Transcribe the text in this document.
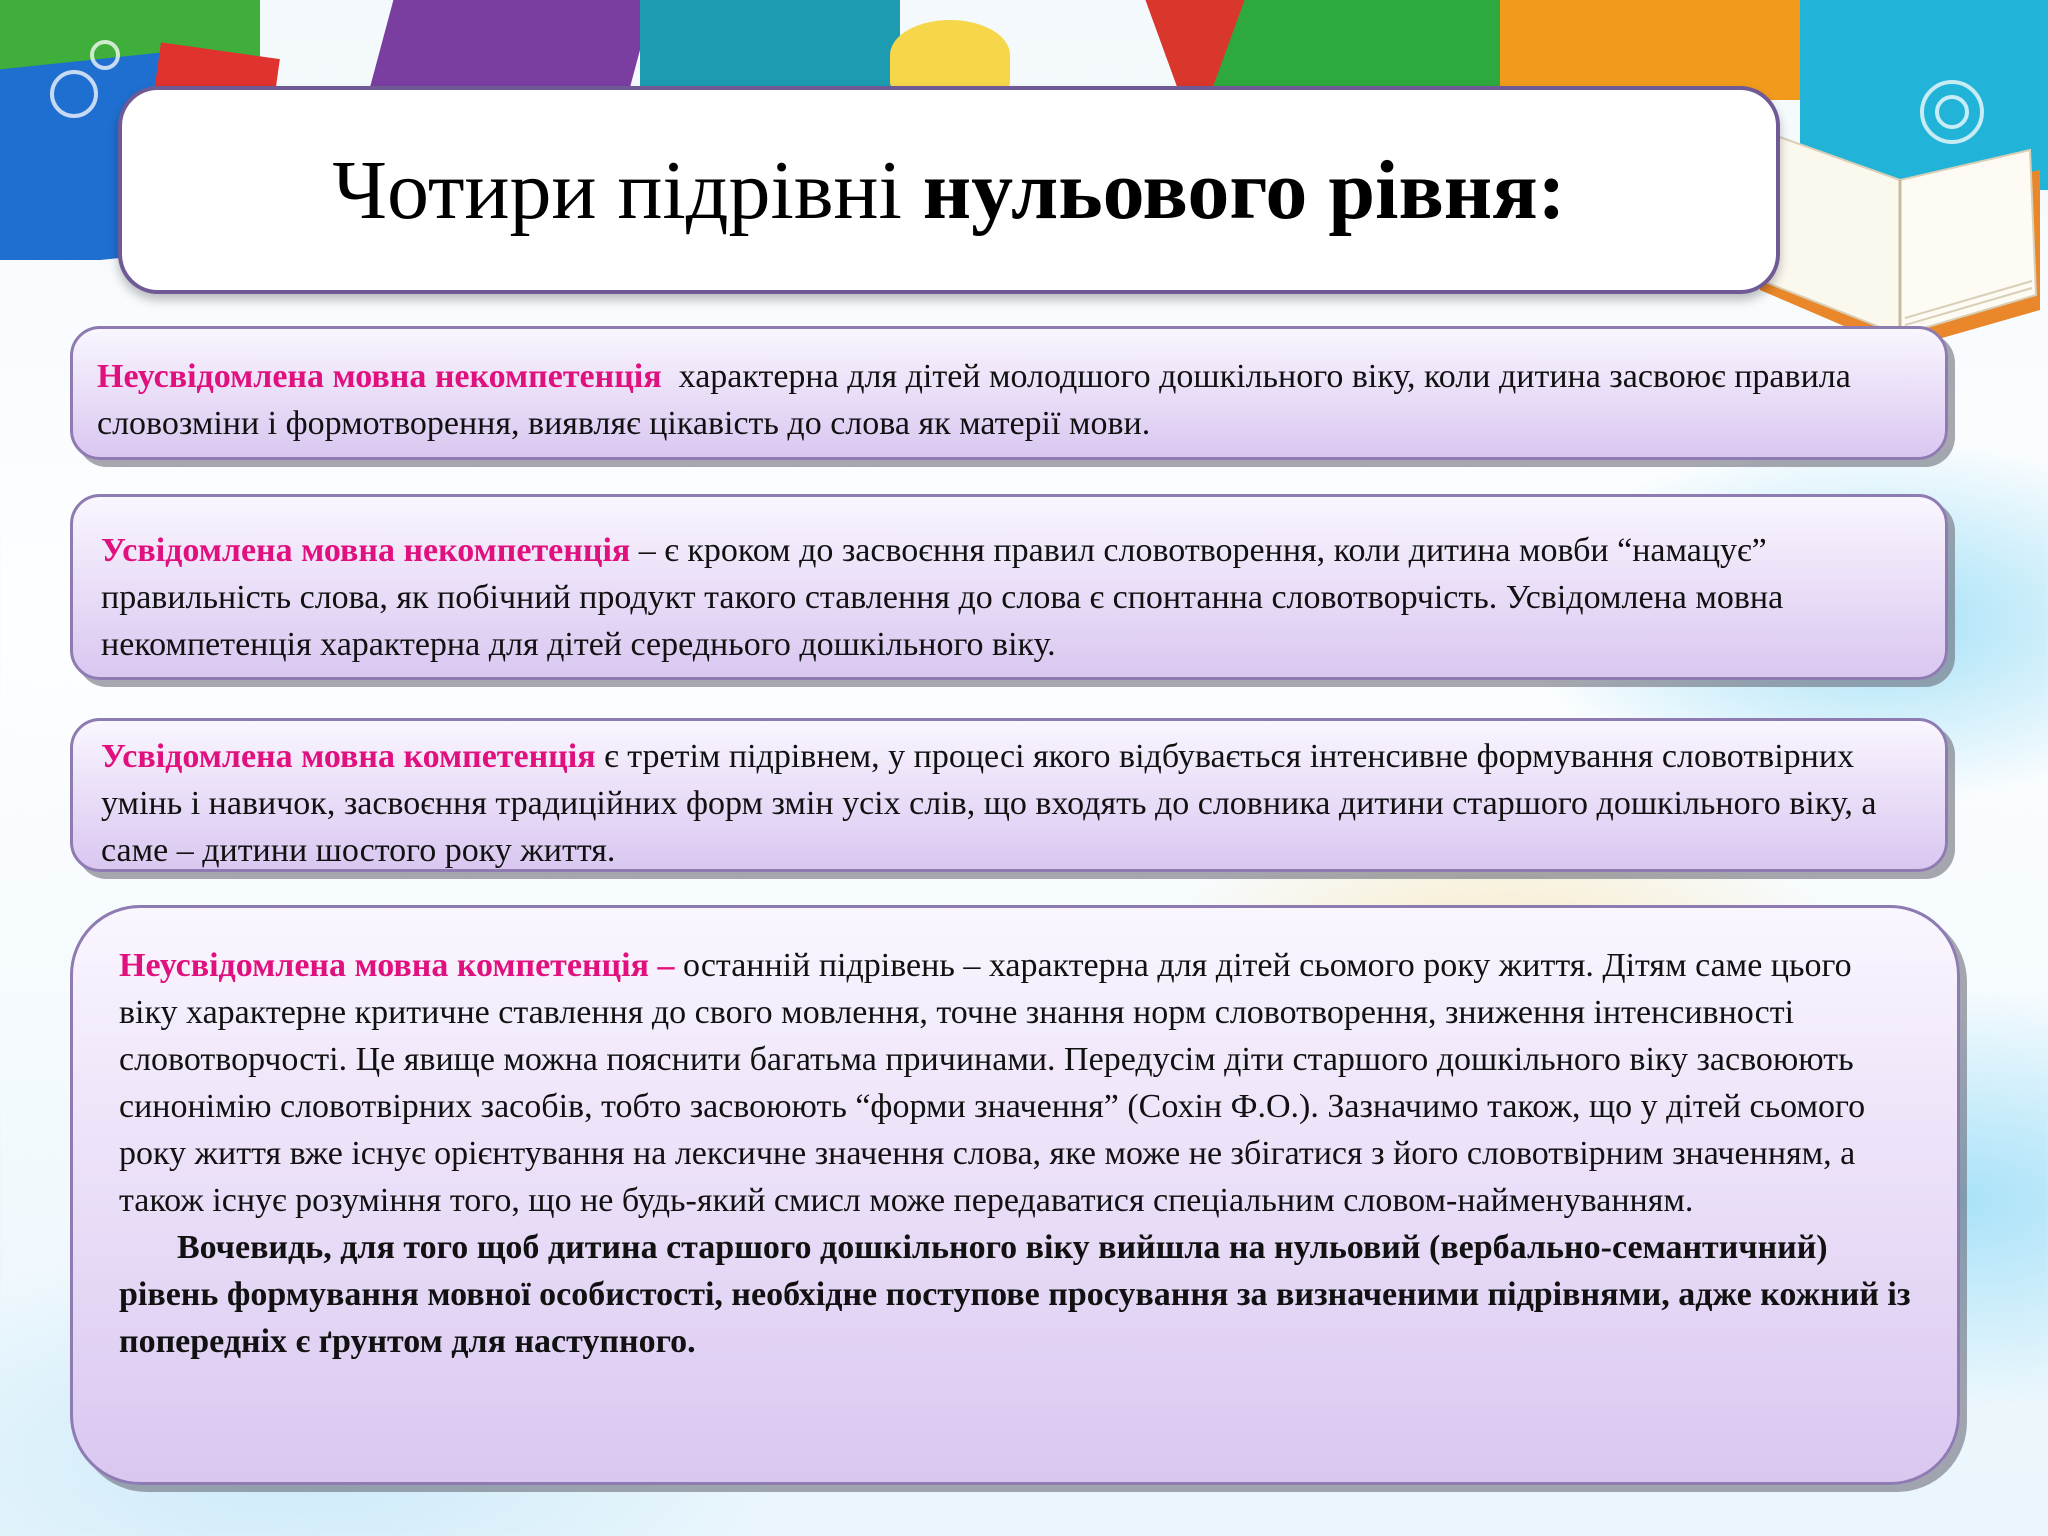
Чотири підрівні нульового рівня:

Неусвідомлена мовна некомпетенція  характерна для дітей молодшого дошкільного віку, коли дитина засвоює правила словозміни і формотворення, виявляє цікавість до слова як матерії мови.

Усвідомлена мовна некомпетенція – є кроком до засвоєння правил словотворення, коли дитина мовби “намацує” правильність слова, як побічний продукт такого ставлення до слова є спонтанна словотворчість. Усвідомлена мовна некомпетенція характерна для дітей середнього дошкільного віку.

Усвідомлена мовна компетенція є третім підрівнем, у процесі якого відбувається інтенсивне формування словотвірних умінь і навичок, засвоєння традиційних форм змін усіх слів, що входять до словника дитини старшого дошкільного віку, а саме – дитини шостого року життя.

Неусвідомлена мовна компетенція – останній підрівень – характерна для дітей сьомого року життя. Дітям саме цього віку характерне критичне ставлення до свого мовлення, точне знання норм словотворення, зниження інтенсивності словотворчості. Це явище можна пояснити багатьма причинами. Передусім діти старшого дошкільного віку засвоюють синонімію словотвірних засобів, тобто засвоюють “форми значення” (Сохін Ф.О.). Зазначимо також, що у дітей сьомого року життя вже існує орієнтування на лексичне значення слова, яке може не збігатися з його словотвірним значенням, а також існує розуміння того, що не будь-який смисл може передаватися спеціальним словом-найменуванням.

Вочевидь, для того щоб дитина старшого дошкільного віку вийшла на нульовий (вербально-семантичний) рівень формування мовної особистості, необхідне поступове просування за визначеними підрівнями, адже кожний із попередніх є ґрунтом для наступного.
